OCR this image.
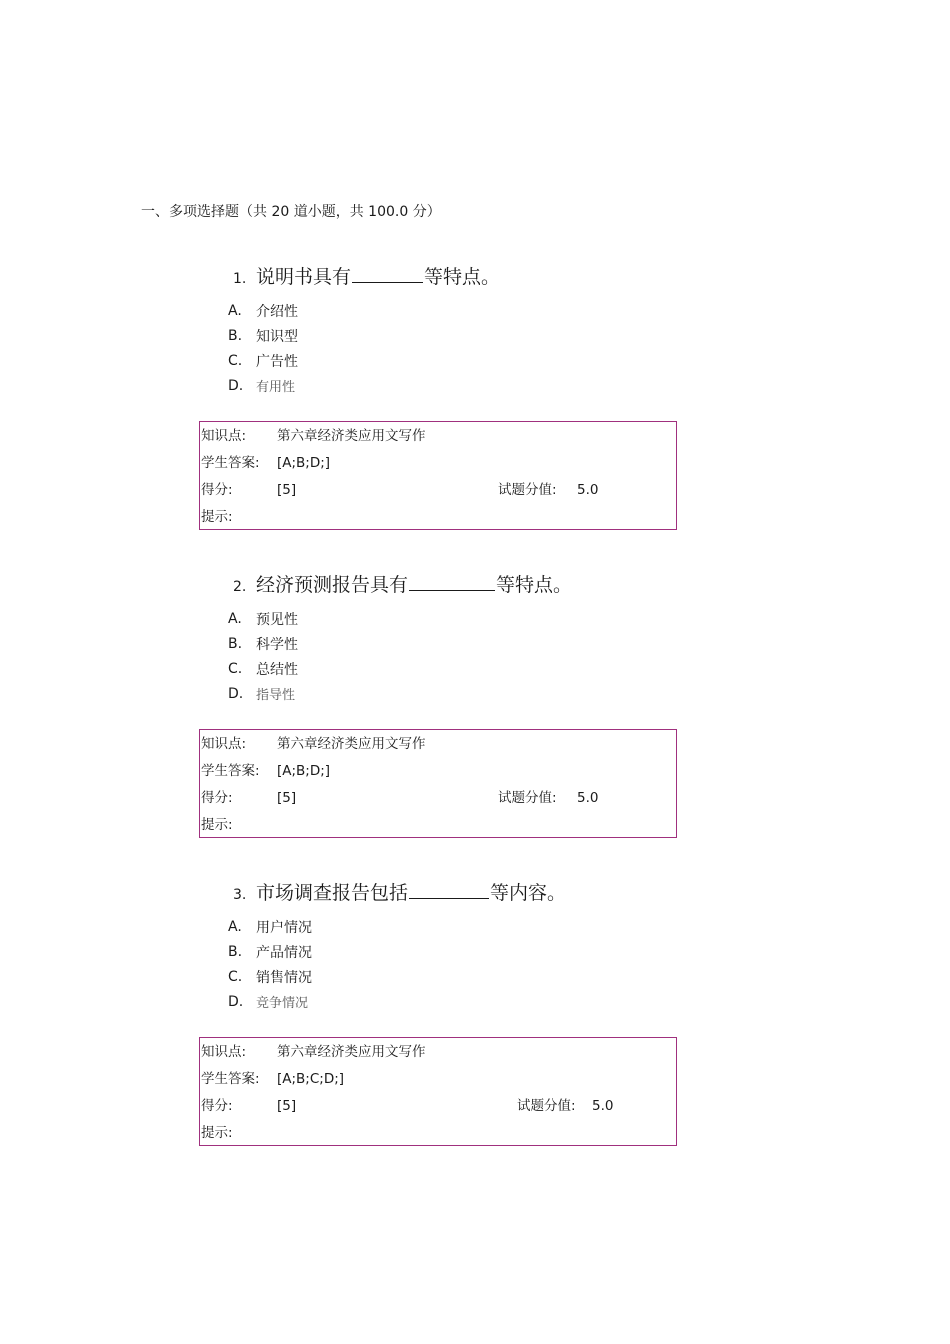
一、多项选择题（共 20 道小题，共 100.0 分）
1. 说明书具有	等特点。
A.	介绍性
B. 知识型
C. 广告性
D. 有用性
知识点: 第六章经济类应用文写作
学生答案: [A;B;D;]
得分:	[5]	试题分值: 5.0
提示:
2. 经济预测报告具有	等特点。
A.	预见性
B. 科学性
C. 总结性
D. 指导性
知识点: 第六章经济类应用文写作
学生答案: [A;B;D;]
得分:	[5]	试题分值: 5.0
提示:
3. 市场调查报告包括	等内容。
A.	用户情况
B. 产品情况
C. 销售情况
D. 竞争情况
知识点: 第六章经济类应用文写作
学生答案: [A;B;C;D;]
得分:	[5]	试题分值: 5.0
提示:
